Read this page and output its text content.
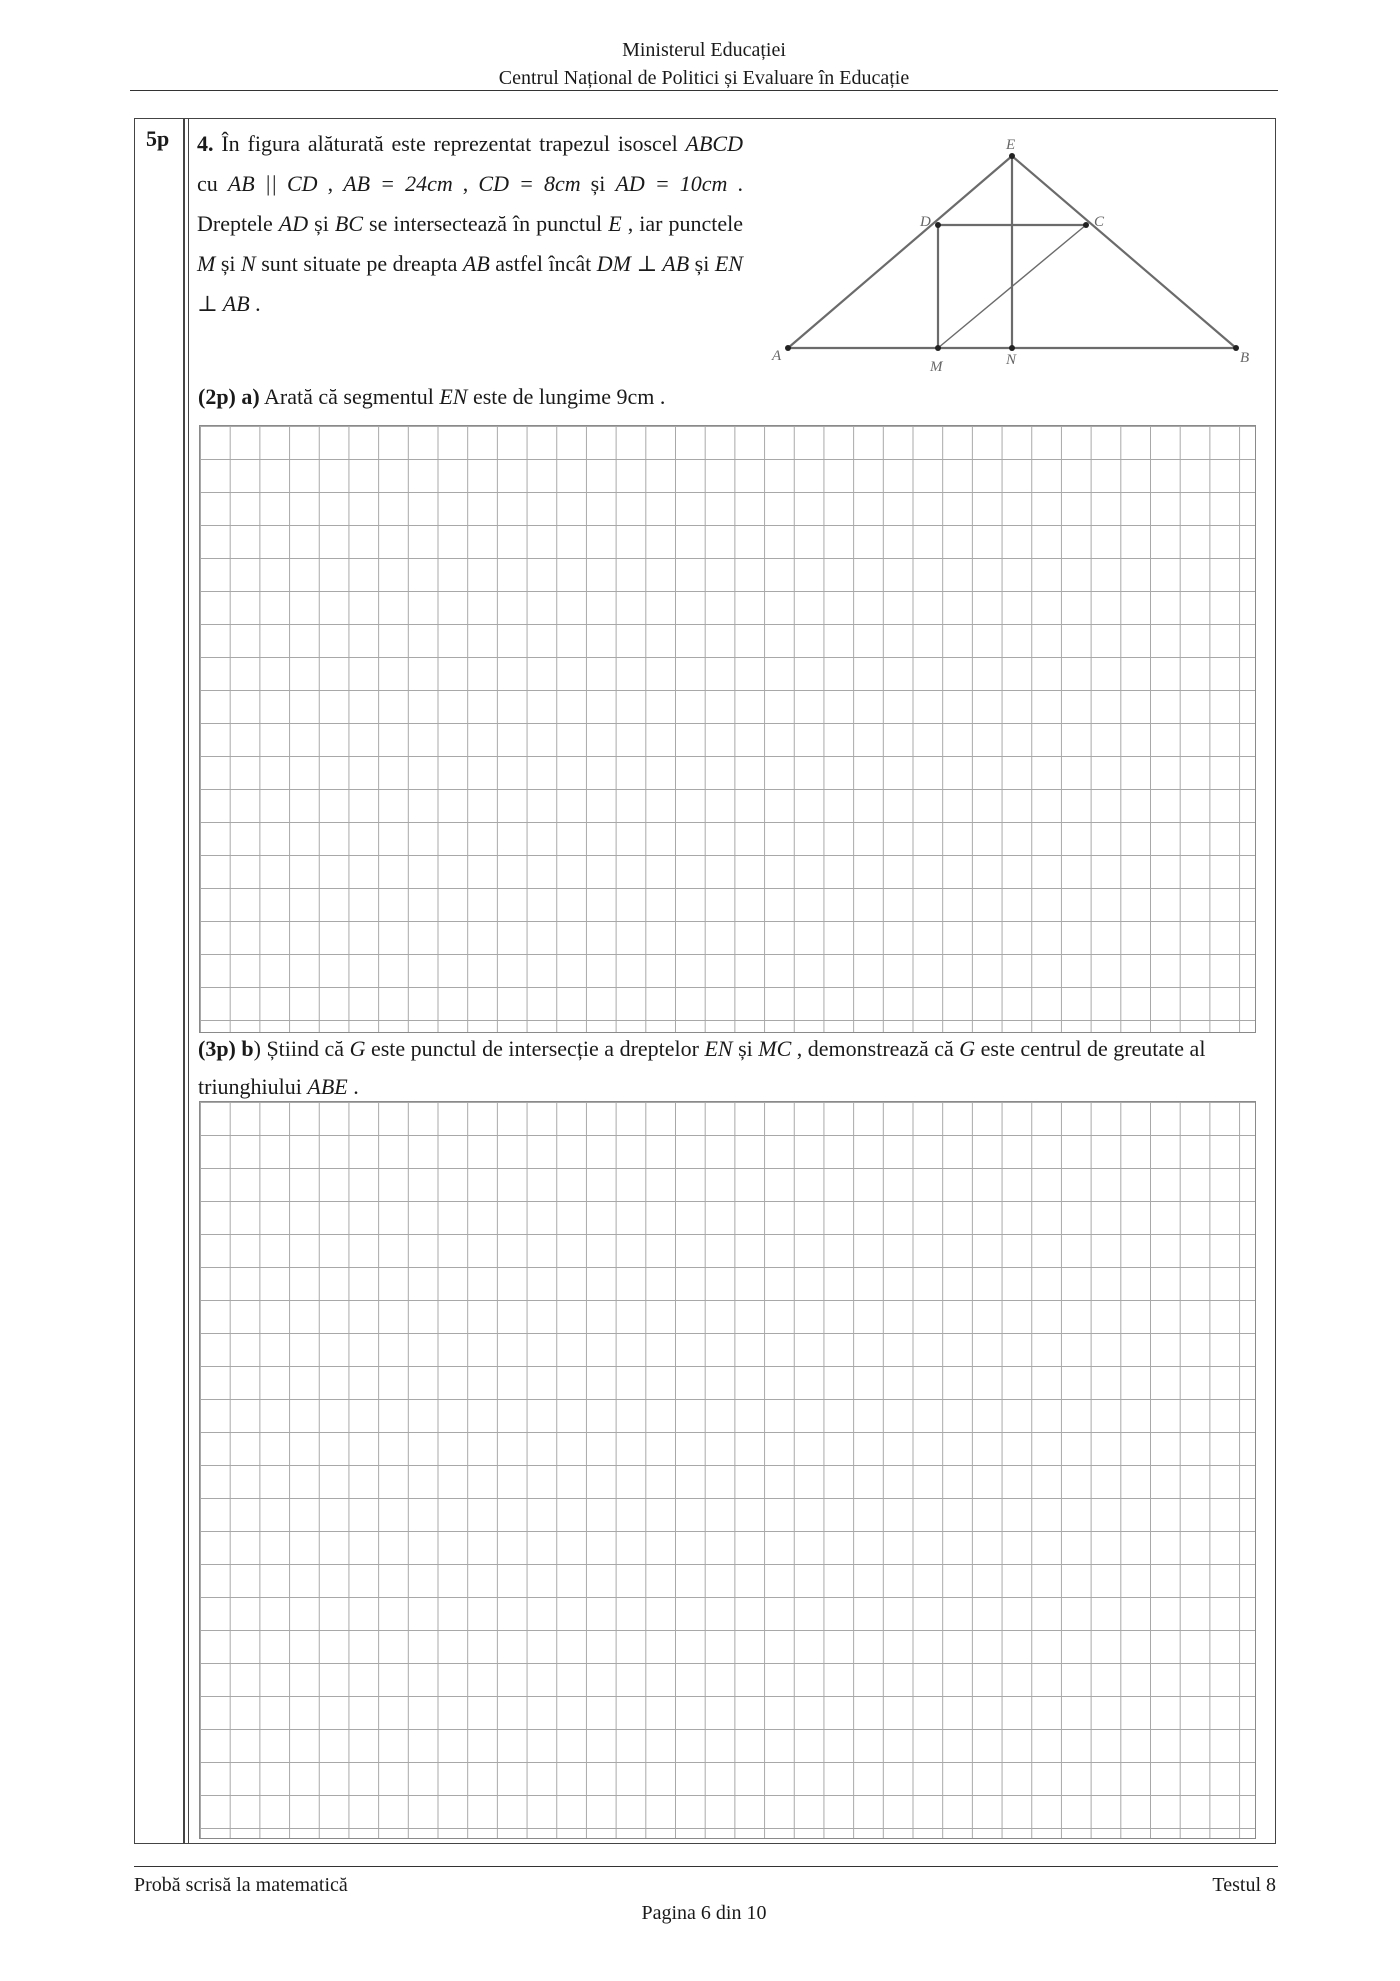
Ministerul Educației
Centrul Național de Politici și Evaluare în Educație
5p 4. În figura alăturată este reprezentat trapezul isoscel ABCD cu AB || CD , AB = 24cm , CD = 8cm și AD = 10cm . Dreptele AD și BC se intersectează în punctul E , iar punctele M și N sunt situate pe dreapta AB astfel încât DM ⊥ AB și EN ⊥ AB .
E
D	C
A
M	N	B
(2p) a) Arată că segmentul EN este de lungime 9cm .
(3p) b) Știind că G este punctul de intersecție a dreptelor EN și MC , demonstrează că G este centrul de greutate al triunghiului ABE .
Probă scrisă la matematică	Testul 8
Pagina 6 din 10
